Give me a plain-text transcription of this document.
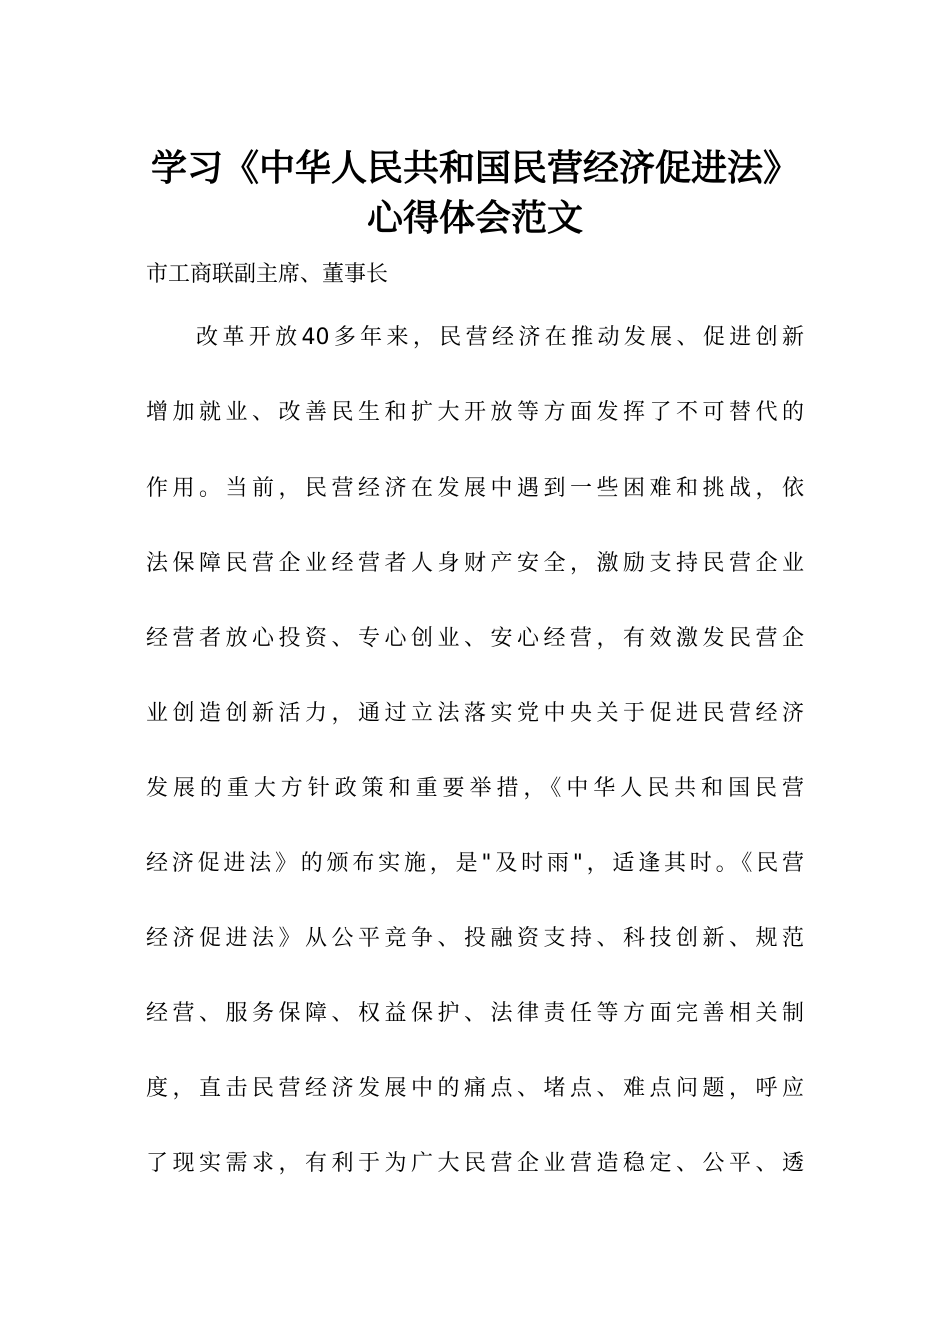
学习《中华人民共和国民营经济促进法》
心得体会范文
市工商联副主席、董事长
改革开放40多年来，民营经济在推动发展、促进创新
增加就业、改善民生和扩大开放等方面发挥了不可替代的
作用。当前，民营经济在发展中遇到一些困难和挑战，依
法保障民营企业经营者人身财产安全，激励支持民营企业
经营者放心投资、专心创业、安心经营，有效激发民营企
业创造创新活力，通过立法落实党中央关于促进民营经济
发展的重大方针政策和重要举措，《中华人民共和国民营
经济促进法》的颁布实施，是"及时雨"，适逢其时。《民营
经济促进法》从公平竞争、投融资支持、科技创新、规范
经营、服务保障、权益保护、法律责任等方面完善相关制
度，直击民营经济发展中的痛点、堵点、难点问题，呼应
了现实需求，有利于为广大民营企业营造稳定、公平、透
